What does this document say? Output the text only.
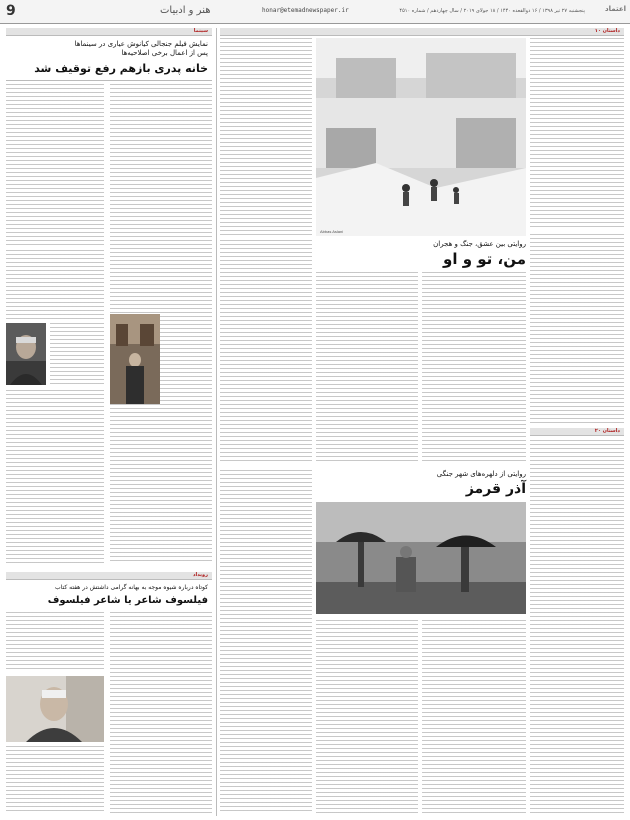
9	هنر و ادبیات	honar@etemadnewspaper.ir	پنجشنبه ۲۷ تیر ۱۳۹۸ / ۱۶ ذوالقعده ۱۴۴۰ / ۱۸ جولای ۲۰۱۹ / سال چهاردهم / شماره ۴۵۱۰	اعتماد
سینما
نمایش فیلم جنجالی کیانوش عیاری در سینماها
پس از اعمال برخی اصلاحیه‌ها
خانه پدری بازهم رفع توقیف شد
رویداد
کوتاه درباره شیوه موجه به بهانه گرامی داشتش در هفته کتاب
فیلسوف شاعر یا شاعر فیلسوف
داستان ۱۰
Abbas Aslani
روایتی بین عشق، جنگ و هجران
من، تو و او
داستان ۲۰
روایتی از دلهره‌های شهر جنگی
آذر قرمز
